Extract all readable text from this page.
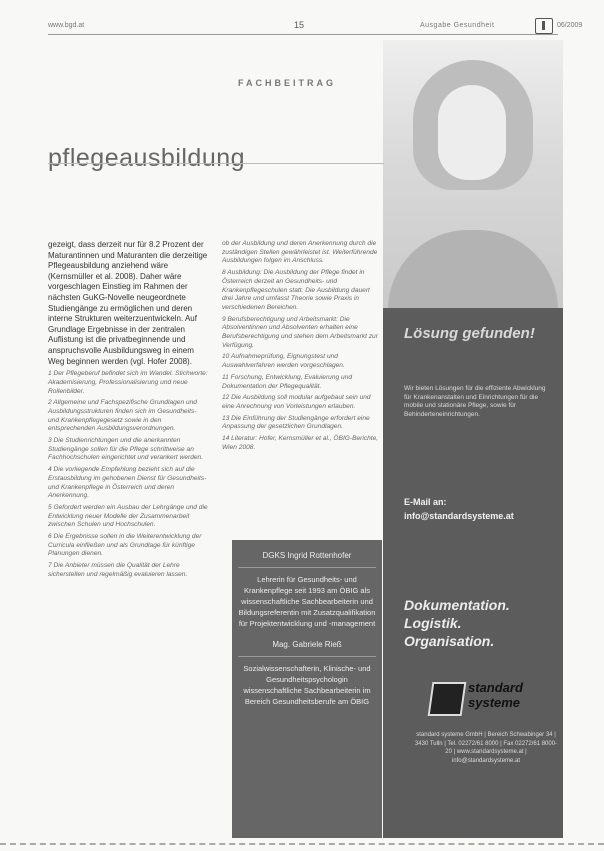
www.bgd.at	15	Ausgabe Gesundheit	06/2009
FACHBEITRAG
pflegeausbildung

gezeigt, dass derzeit nur für 8.2 Prozent der Maturantinnen und Maturanten die derzeitige Pflegeausbildung anziehend wäre (Kernsmüller et al. 2008). Daher wäre vorgeschlagen Einstieg im Rahmen der nächsten GuKG-Novelle neugeordnete Studiengänge zu ermöglichen und deren interne Strukturen weiterzuentwickeln. Auf Grundlage Ergebnisse in der zentralen Auflistung ist die privatbeginnende und anspruchsvolle Ausbildungsweg in einem Weg beginnen werden (vgl. Hofer 2008).

1 Der Pflegeberuf befindet sich im Wandel. Stichworte: Akademisierung, Professionalisierung und neue Rollenbilder.

2 Allgemeine und Fachspezifische Grundlagen und Ausbildungsstrukturen finden sich im Gesundheits- und Krankenpflegegesetz sowie in den entsprechenden Ausbildungsverordnungen.

3 Die Studienrichtungen und die anerkannten Studiengänge sollen für die Pflege schrittweise an Fachhochschulen eingerichtet und verankert werden.

4 Die vorliegende Empfehlung bezieht sich auf die Erstausbildung im gehobenen Dienst für Gesundheits- und Krankenpflege in Österreich und deren Anerkennung.

5 Gefordert werden ein Ausbau der Lehrgänge und die Entwicklung neuer Modelle der Zusammenarbeit zwischen Schulen und Hochschulen.

6 Die Ergebnisse sollen in die Weiterentwicklung der Curricula einfließen und als Grundlage für künftige Planungen dienen.

7 Die Anbieter müssen die Qualität der Lehre sicherstellen und regelmäßig evaluieren lassen.

ob der Ausbildung und deren Anerkennung durch die zuständigen Stellen gewährleistet ist. Weiterführende Ausbildungen folgen im Anschluss.

8 Ausbildung: Die Ausbildung der Pflege findet in Österreich derzeit an Gesundheits- und Krankenpflegeschulen statt. Die Ausbildung dauert drei Jahre und umfasst Theorie sowie Praxis in verschiedenen Bereichen.

9 Berufsberechtigung und Arbeitsmarkt: Die Absolventinnen und Absolventen erhalten eine Berufsberechtigung und stehen dem Arbeitsmarkt zur Verfügung.

10 Aufnahmeprüfung, Eignungstest und Auswahlverfahren werden vorgeschlagen.

11 Forschung, Entwicklung, Evaluierung und Dokumentation der Pflegequalität.

12 Die Ausbildung soll modular aufgebaut sein und eine Anrechnung von Vorleistungen erlauben.

13 Die Einführung der Studiengänge erfordert eine Anpassung der gesetzlichen Grundlagen.

14 Literatur: Hofer, Kernsmüller et al., ÖBIG-Berichte, Wien 2008.

DGKS Ingrid Rottenhofer

Lehrerin für Gesundheits- und Krankenpflege seit 1993 am ÖBIG als wissenschaftliche Sachbearbeiterin und Bildungsreferentin mit Zusatzqualifikation für Projektentwicklung und -management

Mag. Gabriele Rieß

Sozialwissenschafterin, Klinische- und Gesundheitspsychologin wissenschaftliche Sachbearbeiterin im Bereich Gesundheitsberufe am ÖBIG

Lösung gefunden!
Wir bieten Lösungen für die effiziente Abwicklung für Krankenanstalten und Einrichtungen für die mobile und stationäre Pflege, sowie für Behinderteneinrichtungen.
E-Mail an:
info@standardsysteme.at
Dokumentation. Logistik. Organisation.
standard
systeme
standard systeme GmbH | Bereich Schwabinger 34 | 3430 Tulln | Tel. 02272/61 8000 | Fax 02272/61 8000-20 | www.standardsysteme.at | info@standardsysteme.at
